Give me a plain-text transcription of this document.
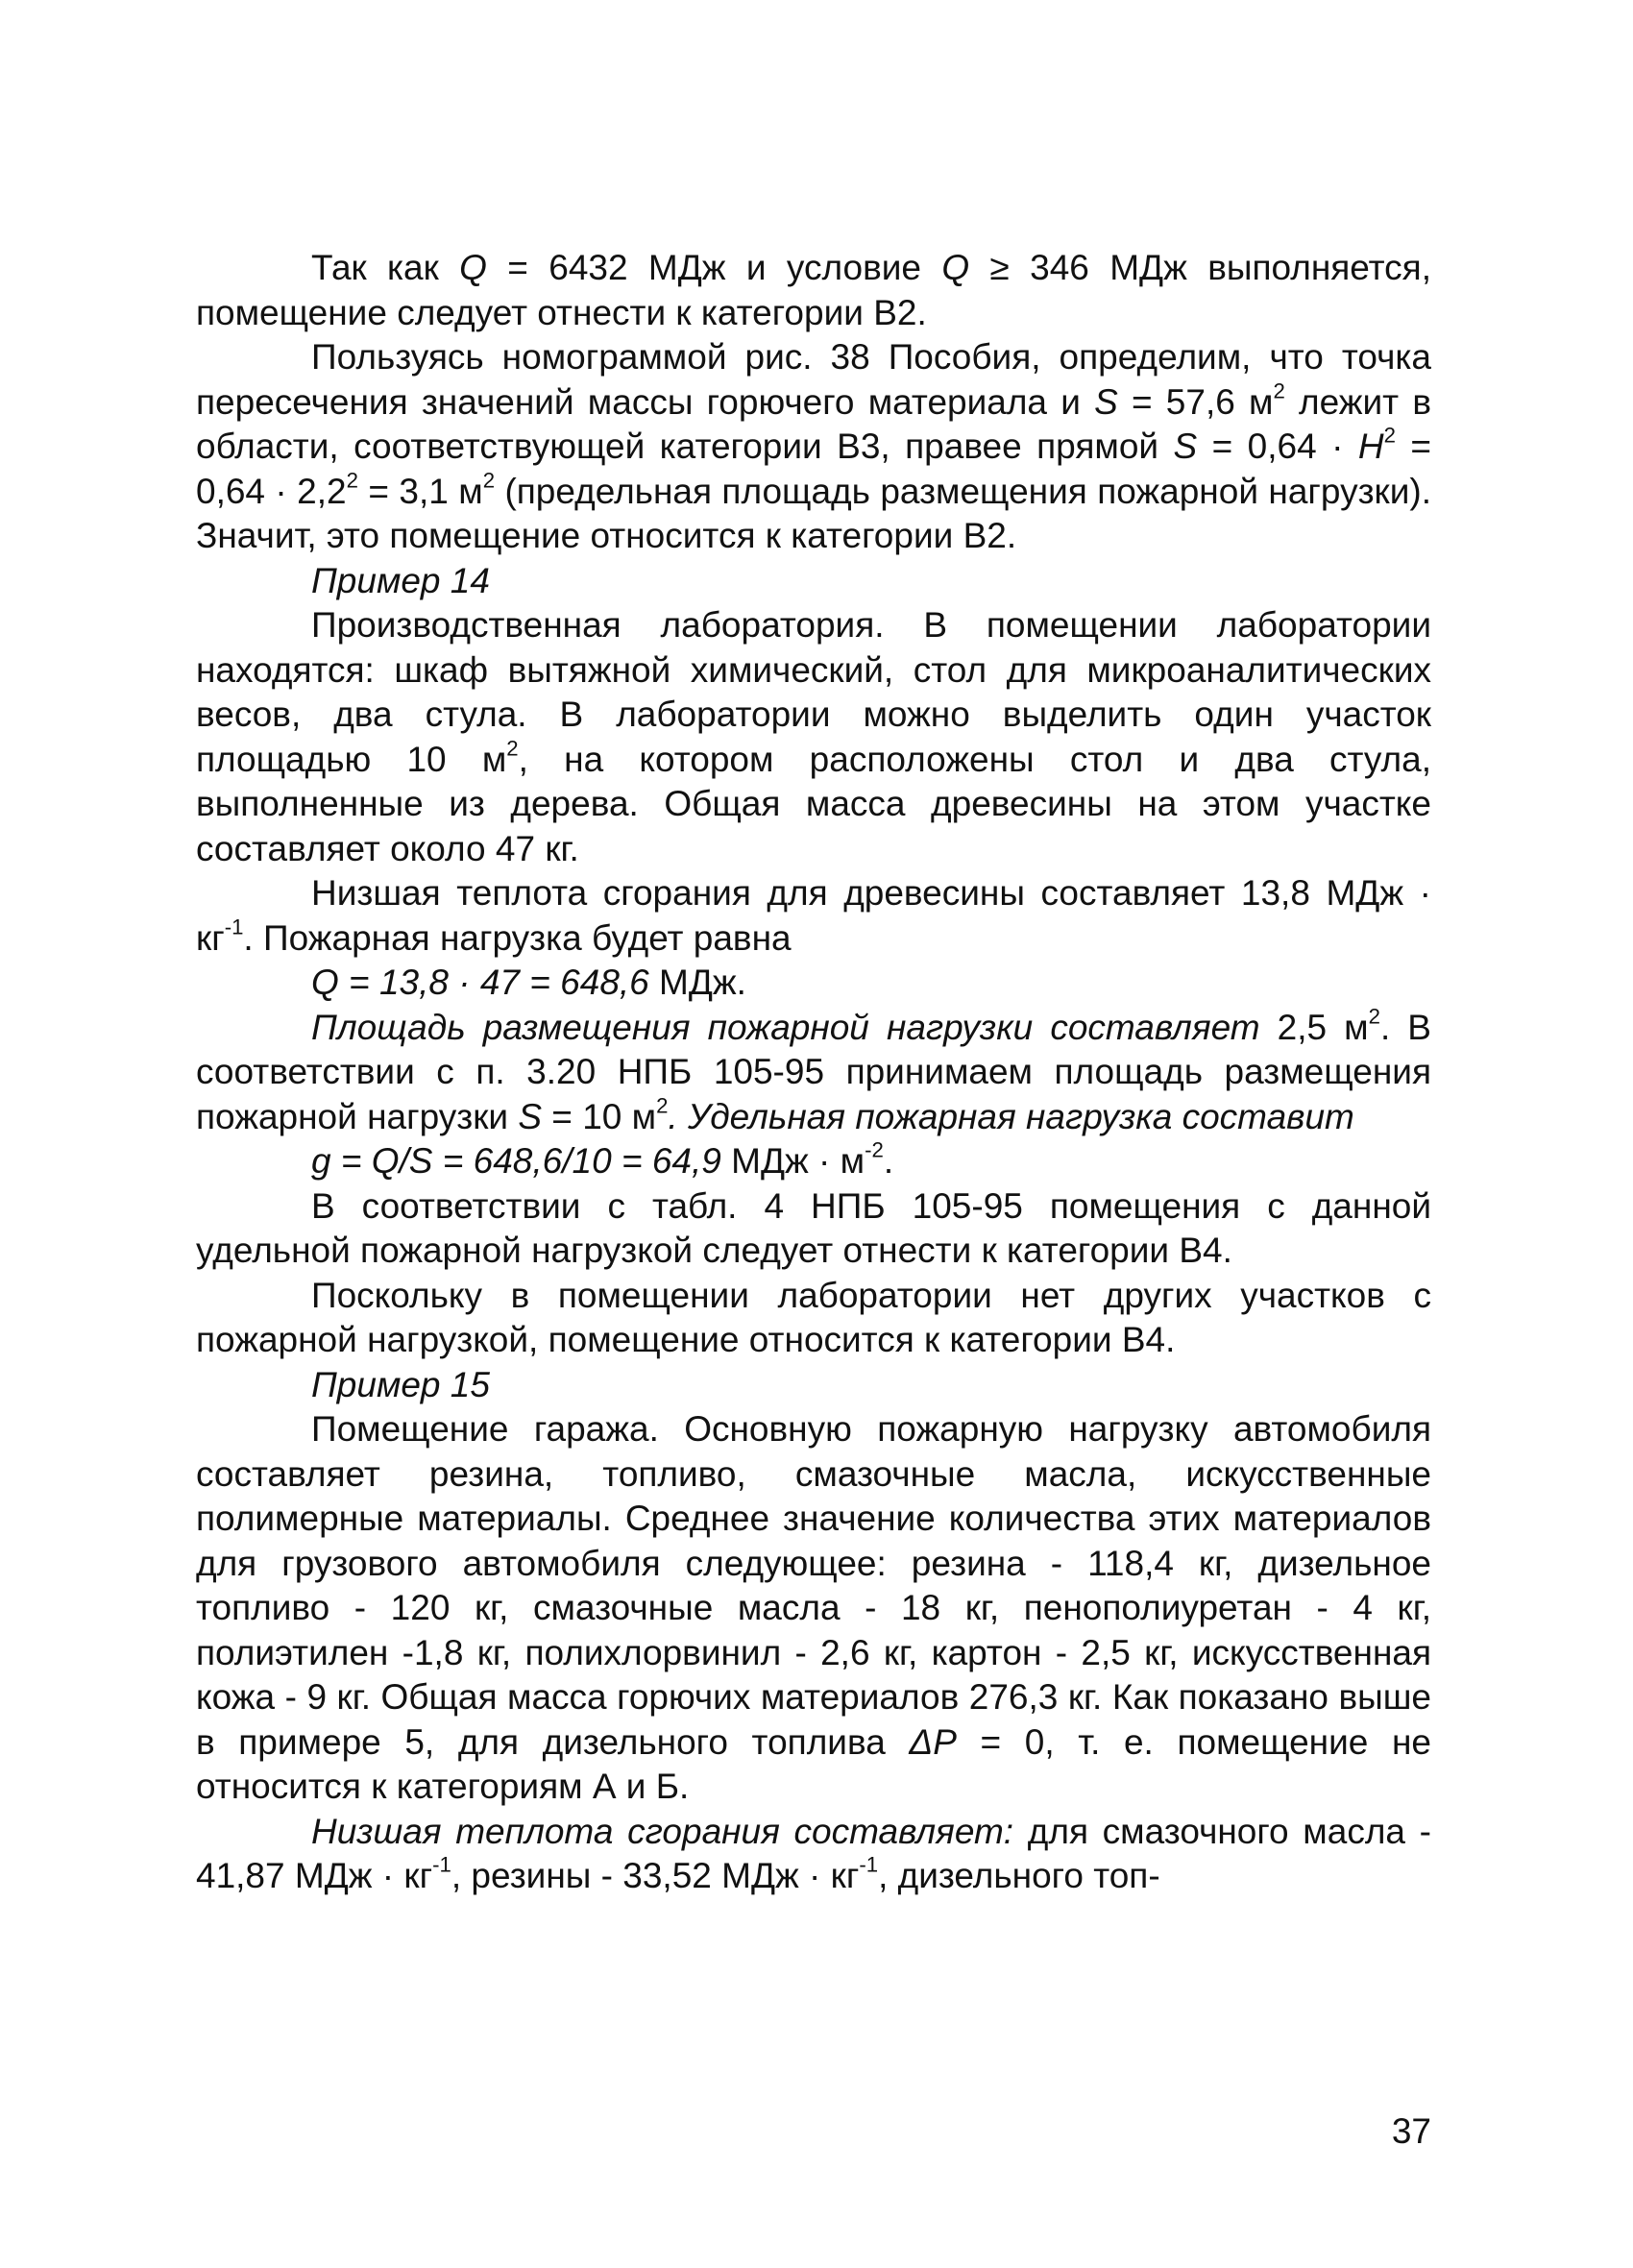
Так как Q = 6432 МДж и условие Q ≥ 346 МДж выполняется, помещение следует отнести к категории В2.

Пользуясь номограммой рис. 38 Пособия, определим, что точка пересечения значений массы горючего материала и S = 57,6 $м^2$ лежит в области, соответствующей категории В3, правее прямой $S = 0,64 \cdot H^2 = 0,64 \cdot 2,2^2 = 3,1$ $м^2$ (предельная площадь размещения пожарной нагрузки). Значит, это помещение относится к категории В2.

Пример 14

Производственная лаборатория. В помещении лаборатории находятся: шкаф вытяжной химический, стол для микроаналитических весов, два стула. В лаборатории можно выделить один участок площадью 10 $м^2$, на котором расположены стол и два стула, выполненные из дерева. Общая масса древесины на этом участке составляет около 47 кг.

Низшая теплота сгорания для древесины составляет 13,8 МДж · $кг^{-1}$. Пожарная нагрузка будет равна

Q = 13,8 · 47 = 648,6 МДж.

Площадь размещения пожарной нагрузки составляет 2,5 $м^2$. В соответствии с п. 3.20 НПБ 105-95 принимаем площадь размещения пожарной нагрузки S = 10 $м^2$. Удельная пожарная нагрузка составит

g = Q/S = 648,6/10 = 64,9 МДж · $м^{-2}$.

В соответствии с табл. 4 НПБ 105-95 помещения с данной удельной пожарной нагрузкой следует отнести к категории В4.

Поскольку в помещении лаборатории нет других участков с пожарной нагрузкой, помещение относится к категории В4.

Пример 15

Помещение гаража. Основную пожарную нагрузку автомобиля составляет резина, топливо, смазочные масла, искусственные полимерные материалы. Среднее значение количества этих материалов для грузового автомобиля следующее: резина - 118,4 кг, дизельное топливо - 120 кг, смазочные масла - 18 кг, пенополиуретан - 4 кг, полиэтилен -1,8 кг, полихлорвинил - 2,6 кг, картон - 2,5 кг, искусственная кожа - 9 кг. Общая масса горючих материалов 276,3 кг. Как показано выше в примере 5, для дизельного топлива ΔP = 0, т. е. помещение не относится к категориям А и Б.

Низшая теплота сгорания составляет: для смазочного масла - 41,87 МДж · $кг^{-1}$, резины - 33,52 МДж · $кг^{-1}$, дизельного топ-

37
